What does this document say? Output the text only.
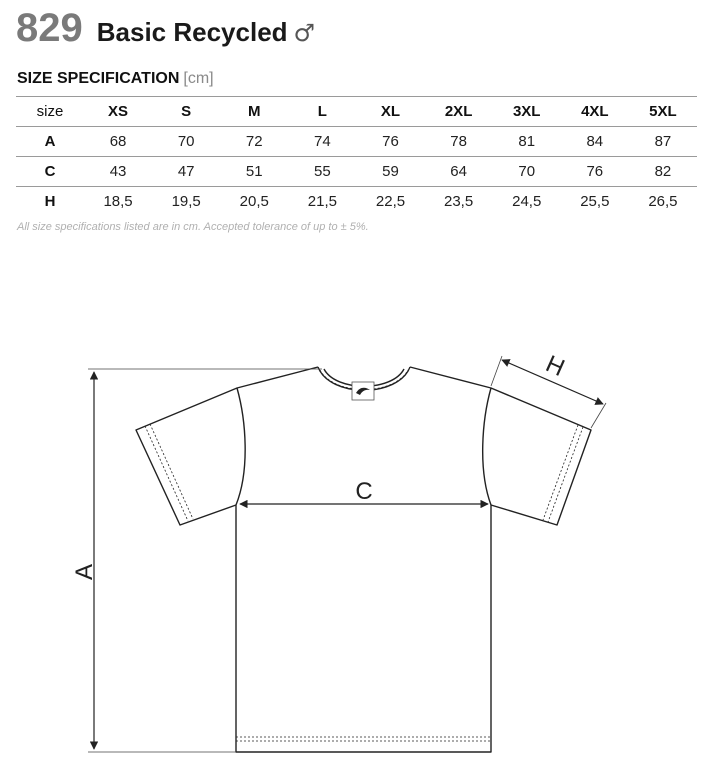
829 Basic Recycled ♂
SIZE SPECIFICATION [cm]
size	XS	S	M	L	XL	2XL	3XL	4XL	5XL
A	68	70	72	74	76	78	81	84	87
C	43	47	51	55	59	64	70	76	82
H	18,5	19,5	20,5	21,5	22,5	23,5	24,5	25,5	26,5
All size specifications listed are in cm. Accepted tolerance of up to ± 5%.
A
C
H
